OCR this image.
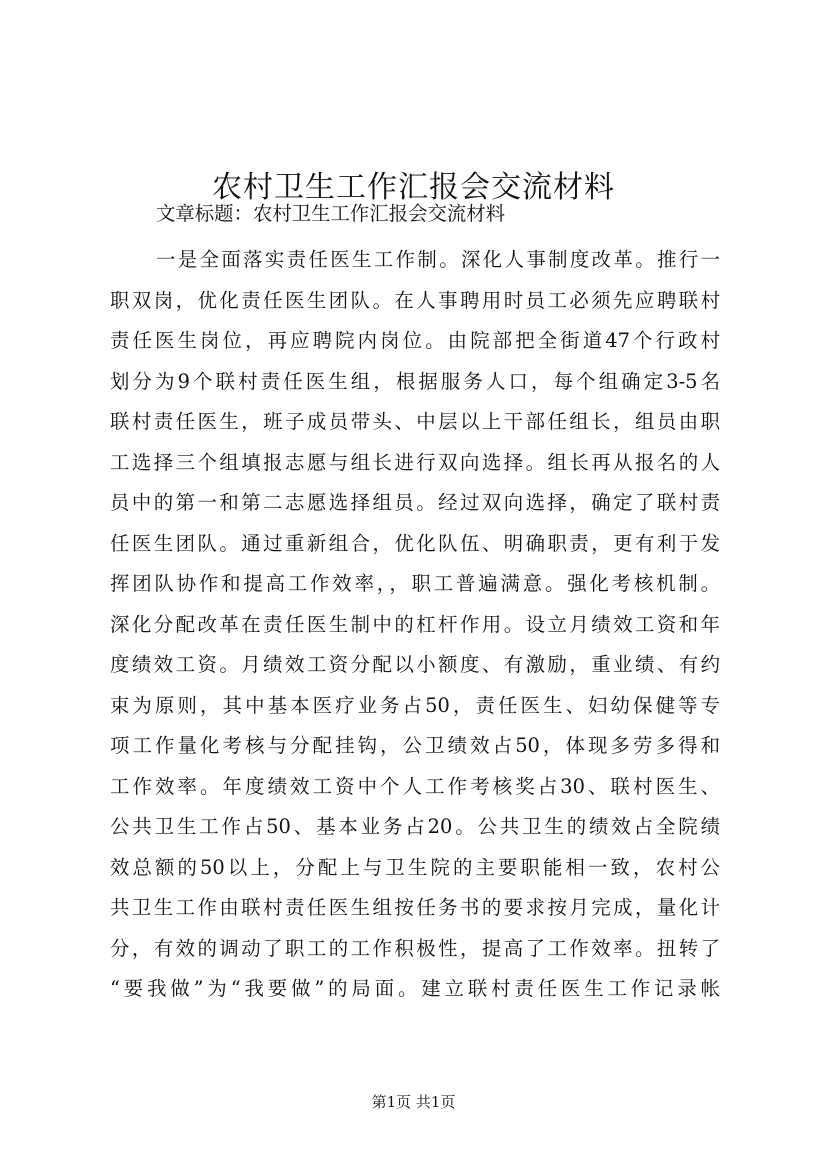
农村卫生工作汇报会交流材料
文章标题：农村卫生工作汇报会交流材料
一是全面落实责任医生工作制。深化人事制度改革。推行一
职双岗，优化责任医生团队。在人事聘用时员工必须先应聘联村
责任医生岗位，再应聘院内岗位。由院部把全街道47个行政村
划分为9个联村责任医生组，根据服务人口，每个组确定3-5名
联村责任医生，班子成员带头、中层以上干部任组长，组员由职
工选择三个组填报志愿与组长进行双向选择。组长再从报名的人
员中的第一和第二志愿选择组员。经过双向选择，确定了联村责
任医生团队。通过重新组合，优化队伍、明确职责，更有利于发
挥团队协作和提高工作效率，，职工普遍满意。强化考核机制。
深化分配改革在责任医生制中的杠杆作用。设立月绩效工资和年
度绩效工资。月绩效工资分配以小额度、有激励，重业绩、有约
束为原则，其中基本医疗业务占50，责任医生、妇幼保健等专
项工作量化考核与分配挂钩，公卫绩效占50，体现多劳多得和
工作效率。年度绩效工资中个人工作考核奖占30、联村医生、
公共卫生工作占50、基本业务占20。公共卫生的绩效占全院绩
效总额的50以上，分配上与卫生院的主要职能相一致，农村公
共卫生工作由联村责任医生组按任务书的要求按月完成，量化计
分，有效的调动了职工的工作积极性，提高了工作效率。扭转了
“要我做”为“我要做”的局面。建立联村责任医生工作记录帐
第1页 共1页
